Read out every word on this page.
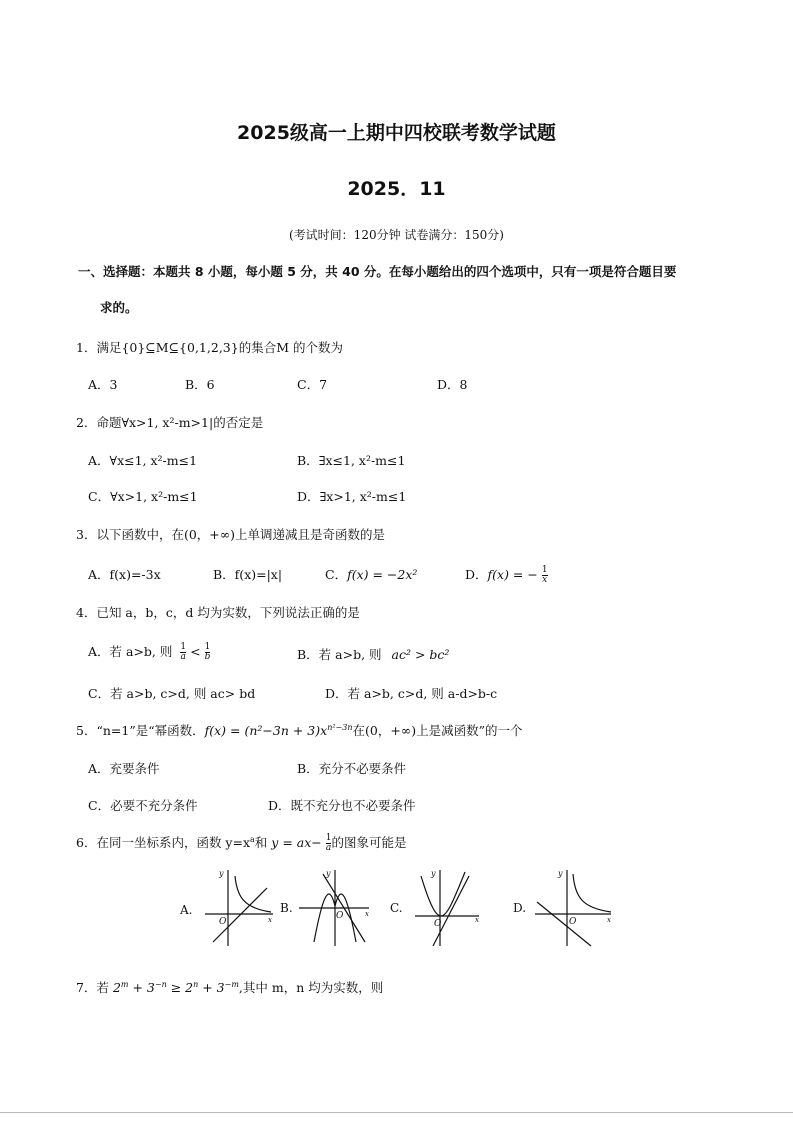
2025级高一上期中四校联考数学试题
2025．11
(考试时间：120分钟 试卷满分：150分)
一、选择题：本题共 8 小题，每小题 5 分，共 40 分。在每小题给出的四个选项中，只有一项是符合题目要
求的。
1．满足{0}⊆M⊆{0,1,2,3}的集合M 的个数为
A．3	B．6	C．7	D．8
2．命题∀x>1, x²-m>1|的否定是
A．∀x≤1, x²-m≤1	B．∃x≤1, x²-m≤1
C．∀x>1, x²-m≤1	D．∃x>1, x²-m≤1
3．以下函数中，在(0，+∞)上单调递减且是奇函数的是
A．f(x)=-3x	B．f(x)=|x|	C．f(x) = −2x²	D．f(x) = − $\frac{1}{x}$
4．已知 a，b，c，d 均为实数，下列说法正确的是
A．若 a>b, 则 $\frac{1}{a} < \frac{1}{b}$	B．若 a>b, 则 ac² > bc²
C．若 a>b, c>d, 则 ac> bd	D．若 a>b, c>d, 则 a-d>b-c
5．“n=1”是“幂函数．$f(x) = (n^2-3n + 3)x^{n^2-3n}$在(0，+∞)上是减函数”的一个
A．充要条件	B．充分不必要条件
C．必要不充分条件	D．既不充分也不必要条件
6．在同一坐标系内，函数 $y=x^a$和 $y = ax- \frac{1}{a}$ 的图象可能是
A.	B.	C.	D.
y
x
O
y
x
O
y
x
O
y
x
O
7．若 $2^m + 3^{-n} \ge 2^n + 3^{-m}$,其中 m，n 均为实数，则
